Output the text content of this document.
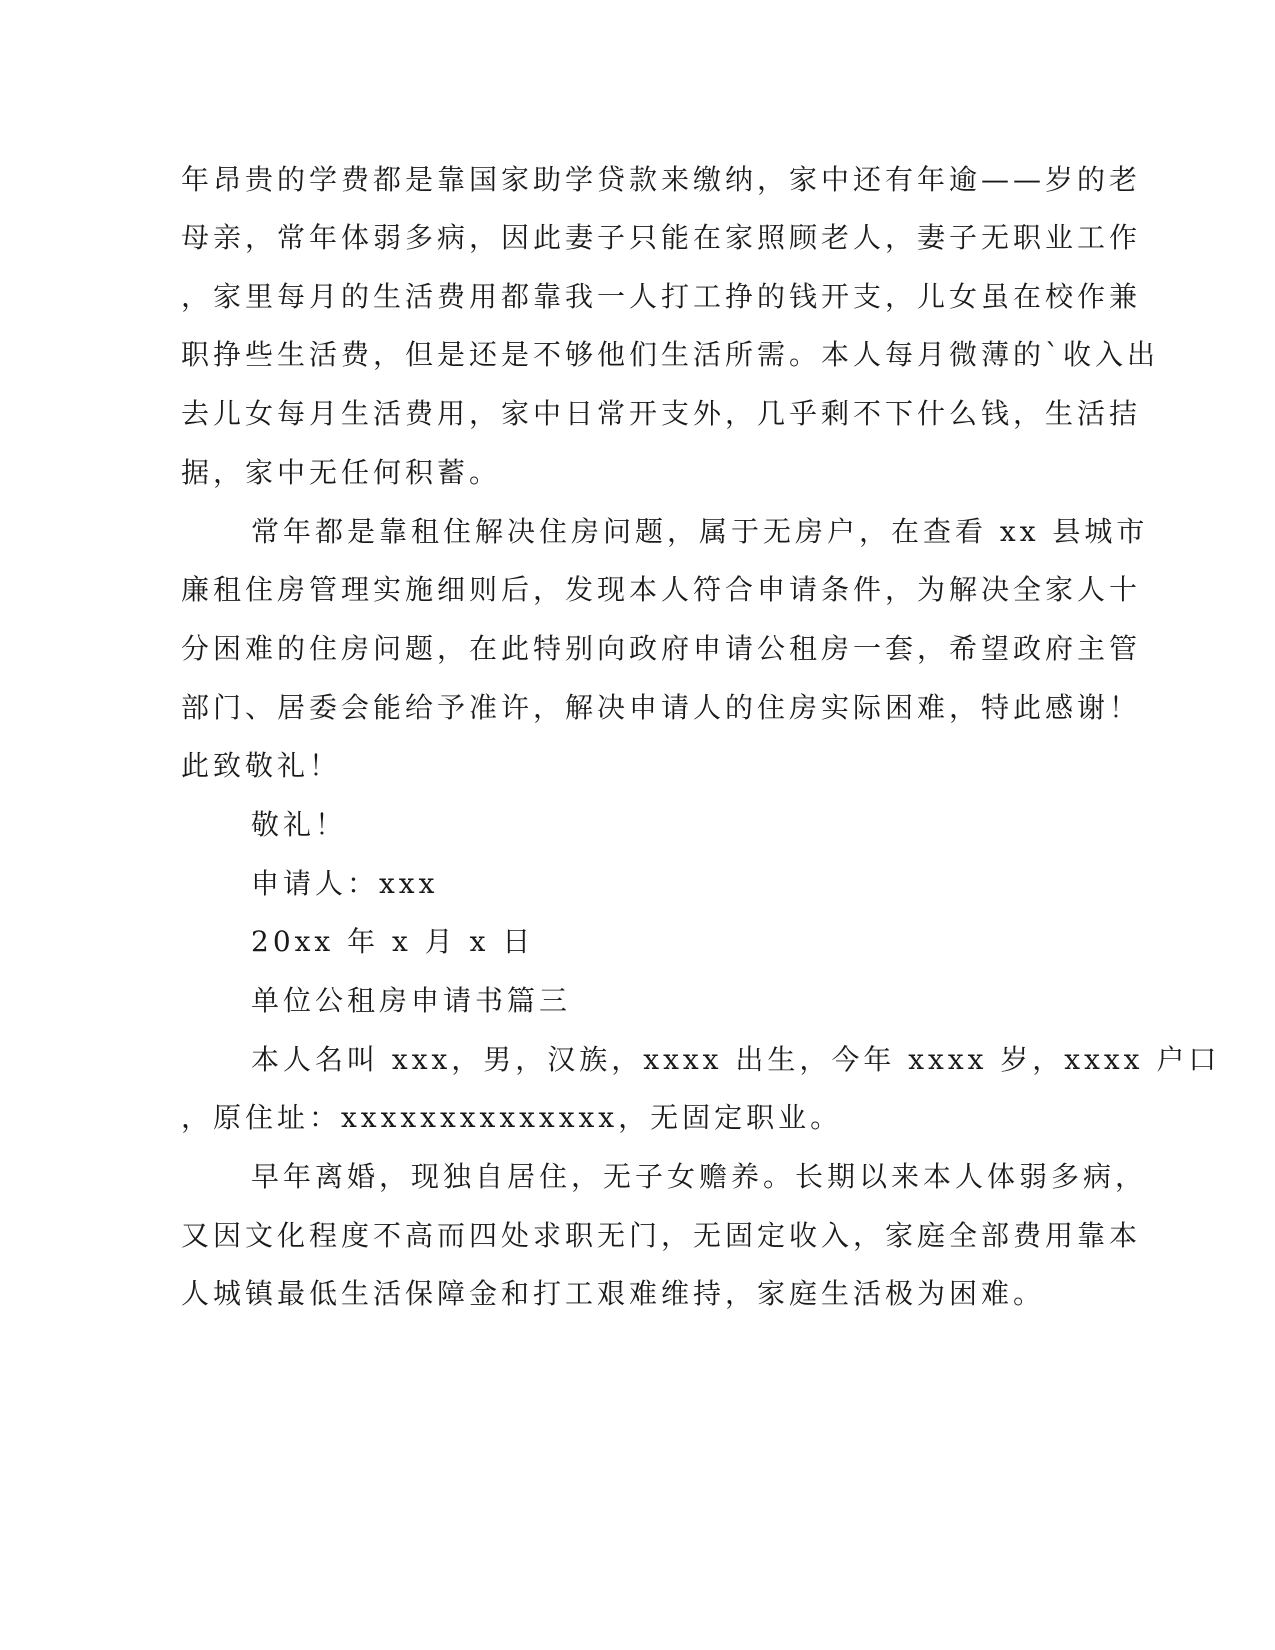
年昂贵的学费都是靠国家助学贷款来缴纳，家中还有年逾——岁的老
母亲，常年体弱多病，因此妻子只能在家照顾老人，妻子无职业工作
，家里每月的生活费用都靠我一人打工挣的钱开支，儿女虽在校作兼
职挣些生活费，但是还是不够他们生活所需。本人每月微薄的`收入出
去儿女每月生活费用，家中日常开支外，几乎剩不下什么钱，生活拮
据，家中无任何积蓄。
常年都是靠租住解决住房问题，属于无房户，在查看 xx 县城市
廉租住房管理实施细则后，发现本人符合申请条件，为解决全家人十
分困难的住房问题，在此特别向政府申请公租房一套，希望政府主管
部门、居委会能给予准许，解决申请人的住房实际困难，特此感谢！
此致敬礼！
敬礼！
申请人：xxx
20xx 年 x 月 x 日
单位公租房申请书篇三
本人名叫 xxx，男，汉族，xxxx 出生，今年 xxxx 岁，xxxx 户口
，原住址：xxxxxxxxxxxxxx，无固定职业。
早年离婚，现独自居住，无子女赡养。长期以来本人体弱多病，
又因文化程度不高而四处求职无门，无固定收入，家庭全部费用靠本
人城镇最低生活保障金和打工艰难维持，家庭生活极为困难。
